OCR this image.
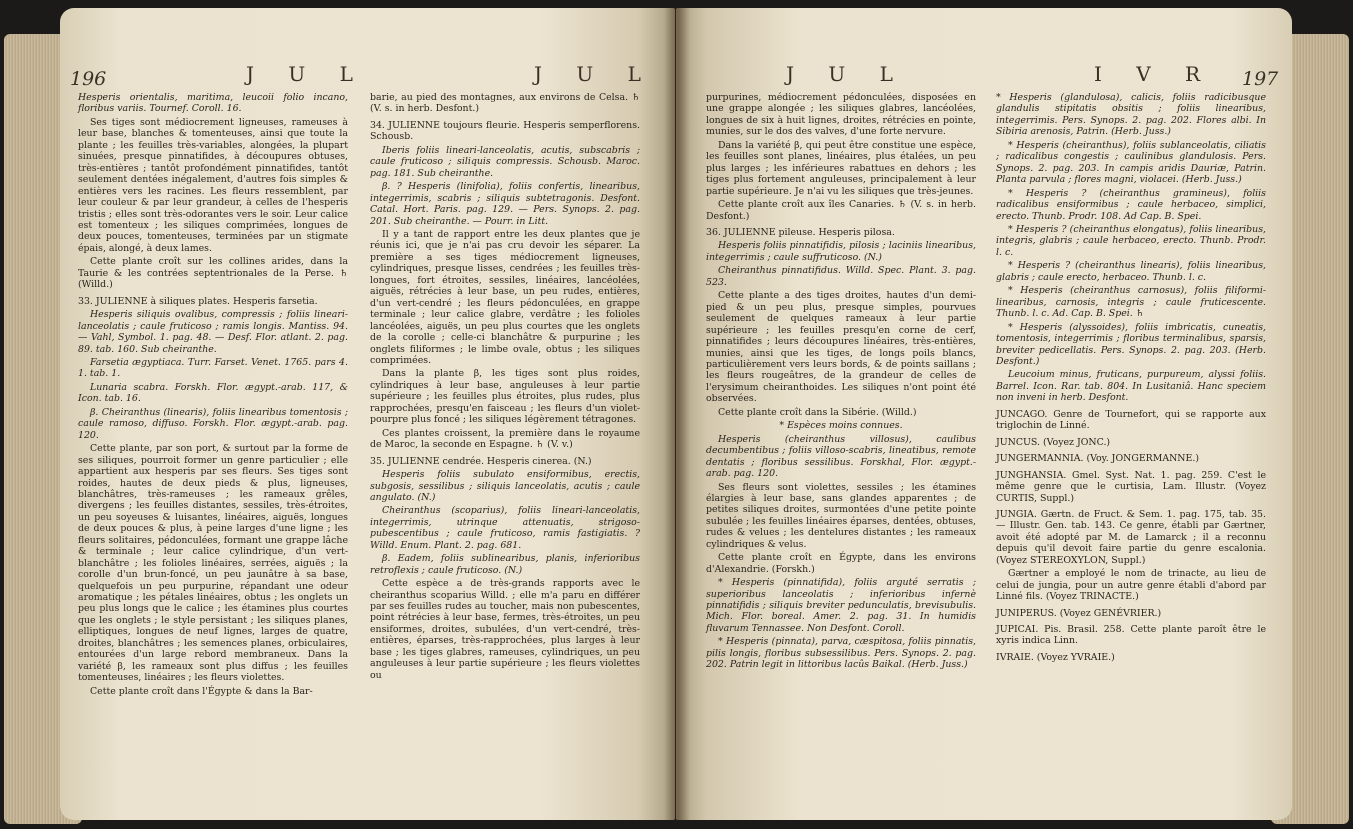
196	J U L	J U L

Hesperis orientalis, maritima, leucoii folio incano, floribus variis. Tournef. Coroll. 16.

Ses tiges sont médiocrement ligneuses, rameuses à leur base, blanches & tomenteuses, ainsi que toute la plante ; les feuilles très-variables, alongées, la plupart sinuées, presque pinnatifides, à découpures obtuses, très-entières ; tantôt profondément pinnatifides, tantôt seulement dentées inégalement, d'autres fois simples & entières vers les racines. Les fleurs ressemblent, par leur couleur & par leur grandeur, à celles de l'hesperis tristis ; elles sont très-odorantes vers le soir. Leur calice est tomenteux ; les siliques comprimées, longues de deux pouces, tomenteuses, terminées par un stigmate épais, alongé, à deux lames.

Cette plante croît sur les collines arides, dans la Taurie & les contrées septentrionales de la Perse. ♄ (Willd.)

33. JULIENNE à siliques plates. Hesperis farsetia.

Hesperis siliquis ovalibus, compressis ; foliis lineari-lanceolatis ; caule fruticoso ; ramis longis. Mantiss. 94. — Vahl, Symbol. 1. pag. 48. — Desf. Flor. atlant. 2. pag. 89. tab. 160. Sub cheiranthe.

Farsetia ægyptiaca. Turr. Farset. Venet. 1765. pars 4. 1. tab. 1.

Lunaria scabra. Forskh. Flor. ægypt.-arab. 117, & Icon. tab. 16.

β. Cheiranthus (linearis), foliis linearibus tomentosis ; caule ramoso, diffuso. Forskh. Flor. ægypt.-arab. pag. 120.

Cette plante, par son port, & surtout par la forme de ses siliques, pourroit former un genre particulier ; elle appartient aux hesperis par ses fleurs. Ses tiges sont roides, hautes de deux pieds & plus, ligneuses, blanchâtres, très-rameuses ; les rameaux grêles, divergens ; les feuilles distantes, sessiles, très-étroites, un peu soyeuses & luisantes, linéaires, aiguës, longues de deux pouces & plus, à peine larges d'une ligne ; les fleurs solitaires, pédonculées, formant une grappe lâche & terminale ; leur calice cylindrique, d'un vert-blanchâtre ; les folioles linéaires, serrées, aiguës ; la corolle d'un brun-foncé, un peu jaunâtre à sa base, quelquefois un peu purpurine, répandant une odeur aromatique ; les pétales linéaires, obtus ; les onglets un peu plus longs que le calice ; les étamines plus courtes que les onglets ; le style persistant ; les siliques planes, elliptiques, longues de neuf lignes, larges de quatre, droites, blanchâtres ; les semences planes, orbiculaires, entourées d'un large rebord membraneux. Dans la variété β, les rameaux sont plus diffus ; les feuilles tomenteuses, linéaires ; les fleurs violettes.

Cette plante croît dans l'Égypte & dans la Bar-

barie, au pied des montagnes, aux environs de Celsa. ♄ (V. s. in herb. Desfont.)

34. JULIENNE toujours fleurie. Hesperis semperflorens. Schousb.

Iberis foliis lineari-lanceolatis, acutis, subscabris ; caule fruticoso ; siliquis compressis. Schousb. Maroc. pag. 181. Sub cheiranthe.

β. ? Hesperis (linifolia), foliis confertis, linearibus, integerrimis, scabris ; siliquis subtetragonis. Desfont. Catal. Hort. Paris. pag. 129. — Pers. Synops. 2. pag. 201. Sub cheiranthe. — Pourr. in Litt.

Il y a tant de rapport entre les deux plantes que je réunis ici, que je n'ai pas cru devoir les séparer. La première a ses tiges médiocrement ligneuses, cylindriques, presque lisses, cendrées ; les feuilles très-longues, fort étroites, sessiles, linéaires, lancéolées, aiguës, rétrécies à leur base, un peu rudes, entières, d'un vert-cendré ; les fleurs pédonculées, en grappe terminale ; leur calice glabre, verdâtre ; les folioles lancéolées, aiguës, un peu plus courtes que les onglets de la corolle ; celle-ci blanchâtre & purpurine ; les onglets filiformes ; le limbe ovale, obtus ; les siliques comprimées.

Dans la plante β, les tiges sont plus roides, cylindriques à leur base, anguleuses à leur partie supérieure ; les feuilles plus étroites, plus rudes, plus rapprochées, presqu'en faisceau ; les fleurs d'un violet-pourpre plus foncé ; les siliques légèrement tétragones.

Ces plantes croissent, la première dans le royaume de Maroc, la seconde en Espagne. ♄ (V. v.)

35. JULIENNE cendrée. Hesperis cinerea. (N.)

Hesperis foliis subulato ensiformibus, erectis, subgosis, sessilibus ; siliquis lanceolatis, acutis ; caule angulato. (N.)

Cheiranthus (scoparius), foliis lineari-lanceolatis, integerrimis, utrinque attenuatis, strigoso-pubescentibus ; caule fruticoso, ramis fastigiatis. ? Willd. Enum. Plant. 2. pag. 681.

β. Eadem, foliis sublinearibus, planis, inferioribus retroflexis ; caule fruticoso. (N.)

Cette espèce a de très-grands rapports avec le cheiranthus scoparius Willd. ; elle m'a paru en différer par ses feuilles rudes au toucher, mais non pubescentes, point rétrécies à leur base, fermes, très-étroites, un peu ensiformes, droites, subulées, d'un vert-cendré, très-entières, éparses, très-rapprochées, plus larges à leur base ; les tiges glabres, rameuses, cylindriques, un peu anguleuses à leur partie supérieure ; les fleurs violettes ou

J U L	I V R 197

purpurines, médiocrement pédonculées, disposées en une grappe alongée ; les siliques glabres, lancéolées, longues de six à huit lignes, droites, rétrécies en pointe, munies, sur le dos des valves, d'une forte nervure.

Dans la variété β, qui peut être constitue une espèce, les feuilles sont planes, linéaires, plus étalées, un peu plus larges ; les inférieures rabattues en dehors ; les tiges plus fortement anguleuses, principalement à leur partie supérieure. Je n'ai vu les siliques que très-jeunes.

Cette plante croît aux îles Canaries. ♄ (V. s. in herb. Desfont.)

36. JULIENNE pileuse. Hesperis pilosa.

Hesperis foliis pinnatifidis, pilosis ; laciniis linearibus, integerrimis ; caule suffruticoso. (N.)

Cheiranthus pinnatifidus. Willd. Spec. Plant. 3. pag. 523.

Cette plante a des tiges droites, hautes d'un demi-pied & un peu plus, presque simples, pourvues seulement de quelques rameaux à leur partie supérieure ; les feuilles presqu'en corne de cerf, pinnatifides ; leurs découpures linéaires, très-entières, munies, ainsi que les tiges, de longs poils blancs, particulièrement vers leurs bords, & de points saillans ; les fleurs rougeâtres, de la grandeur de celles de l'erysimum cheiranthoides. Les siliques n'ont point été observées.

Cette plante croît dans la Sibérie. (Willd.)

* Espèces moins connues.

Hesperis (cheiranthus villosus), caulibus decumbentibus ; foliis villoso-scabris, lineatibus, remote dentatis ; floribus sessilibus. Forskhal, Flor. ægypt.-arab. pag. 120.

Ses fleurs sont violettes, sessiles ; les étamines élargies à leur base, sans glandes apparentes ; de petites siliques droites, surmontées d'une petite pointe subulée ; les feuilles linéaires éparses, dentées, obtuses, rudes & velues ; les dentelures distantes ; les rameaux cylindriques & velus.

Cette plante croît en Égypte, dans les environs d'Alexandrie. (Forskh.)

* Hesperis (pinnatifida), foliis arguté serratis ; superioribus lanceolatis ; inferioribus infernè pinnatifidis ; siliquis breviter pedunculatis, brevisubulis. Mich. Flor. boreal. Amer. 2. pag. 31. In humidis fluvarum Tennassee. Non Desfont. Coroll.

* Hesperis (pinnata), parva, cæspitosa, foliis pinnatis, pilis longis, floribus subsessilibus. Pers. Synops. 2. pag. 202. Patrin legit in littoribus lacûs Baikal. (Herb. Juss.)

* Hesperis (glandulosa), calicis, foliis radicibusque glandulis stipitatis obsitis ; foliis linearibus, integerrimis. Pers. Synops. 2. pag. 202. Flores albi. In Sibiria arenosis, Patrin. (Herb. Juss.)

* Hesperis (cheiranthus), foliis sublanceolatis, ciliatis ; radicalibus congestis ; caulinibus glandulosis. Pers. Synops. 2. pag. 203. In campis aridis Dauriæ, Patrin. Planta parvula ; flores magni, violacei. (Herb. Juss.)

* Hesperis ? (cheiranthus gramineus), foliis radicalibus ensiformibus ; caule herbaceo, simplici, erecto. Thunb. Prodr. 108. Ad Cap. B. Spei.

* Hesperis ? (cheiranthus elongatus), foliis linearibus, integris, glabris ; caule herbaceo, erecto. Thunb. Prodr. l. c.

* Hesperis ? (cheiranthus linearis), foliis linearibus, glabris ; caule erecto, herbaceo. Thunb. l. c.

* Hesperis (cheiranthus carnosus), foliis filiformi-linearibus, carnosis, integris ; caule fruticescente. Thunb. l. c. Ad. Cap. B. Spei. ♄

* Hesperis (alyssoides), foliis imbricatis, cuneatis, tomentosis, integerrimis ; floribus terminalibus, sparsis, breviter pedicellatis. Pers. Synops. 2. pag. 203. (Herb. Desfont.)

Leucoium minus, fruticans, purpureum, alyssi foliis. Barrel. Icon. Rar. tab. 804. In Lusitaniâ. Hanc speciem non inveni in herb. Desfont.

JUNCAGO. Genre de Tournefort, qui se rapporte aux triglochin de Linné.

JUNCUS. (Voyez JONC.)

JUNGERMANNIA. (Voy. JONGERMANNE.)

JUNGHANSIA. Gmel. Syst. Nat. 1. pag. 259. C'est le même genre que le curtisia, Lam. Illustr. (Voyez CURTIS, Suppl.)

JUNGIA. Gærtn. de Fruct. & Sem. 1. pag. 175, tab. 35. — Illustr. Gen. tab. 143. Ce genre, établi par Gærtner, avoit été adopté par M. de Lamarck ; il a reconnu depuis qu'il devoit faire partie du genre escalonia. (Voyez STEREOXYLON, Suppl.)

Gærtner a employé le nom de trinacte, au lieu de celui de jungia, pour un autre genre établi d'abord par Linné fils. (Voyez TRINACTE.)

JUNIPERUS. (Voyez GENÉVRIER.)

JUPICAI. Pis. Brasil. 258. Cette plante paroît être le xyris indica Linn.

IVRAIE. (Voyez YVRAIE.)
